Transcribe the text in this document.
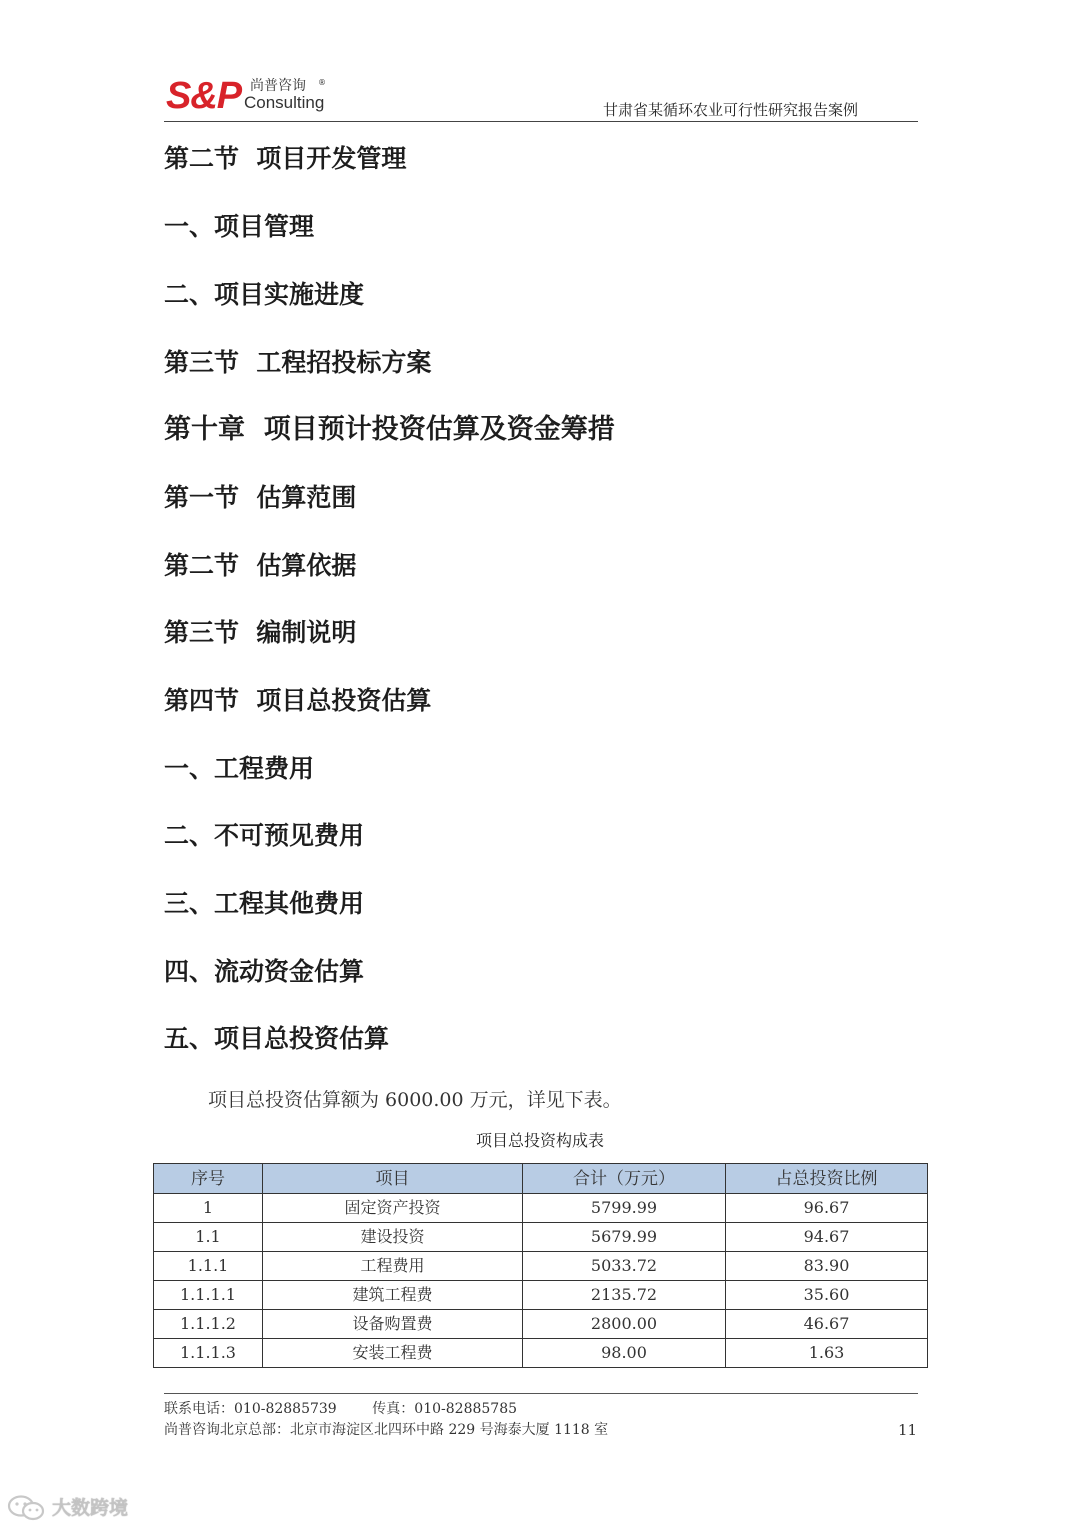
S&P 尚普咨询 ®
Consulting	甘肃省某循环农业可行性研究报告案例
第二节  项目开发管理
一、项目管理
二、项目实施进度
第三节  工程招投标方案
第十章  项目预计投资估算及资金筹措
第一节  估算范围
第二节  估算依据
第三节  编制说明
第四节  项目总投资估算
一、工程费用
二、不可预见费用
三、工程其他费用
四、流动资金估算
五、项目总投资估算
项目总投资估算额为 6000.00 万元，详见下表。
项目总投资构成表
序号	项目	合计（万元）	占总投资比例
1	固定资产投资	5799.99	96.67
1.1	建设投资	5679.99	94.67
1.1.1	工程费用	5033.72	83.90
1.1.1.1	建筑工程费	2135.72	35.60
1.1.1.2	设备购置费	2800.00	46.67
1.1.1.3	安装工程费	98.00	1.63
联系电话：010-82885739        传真：010-82885785
尚普咨询北京总部：北京市海淀区北四环中路 229 号海泰大厦 1118 室	11
大数跨境
